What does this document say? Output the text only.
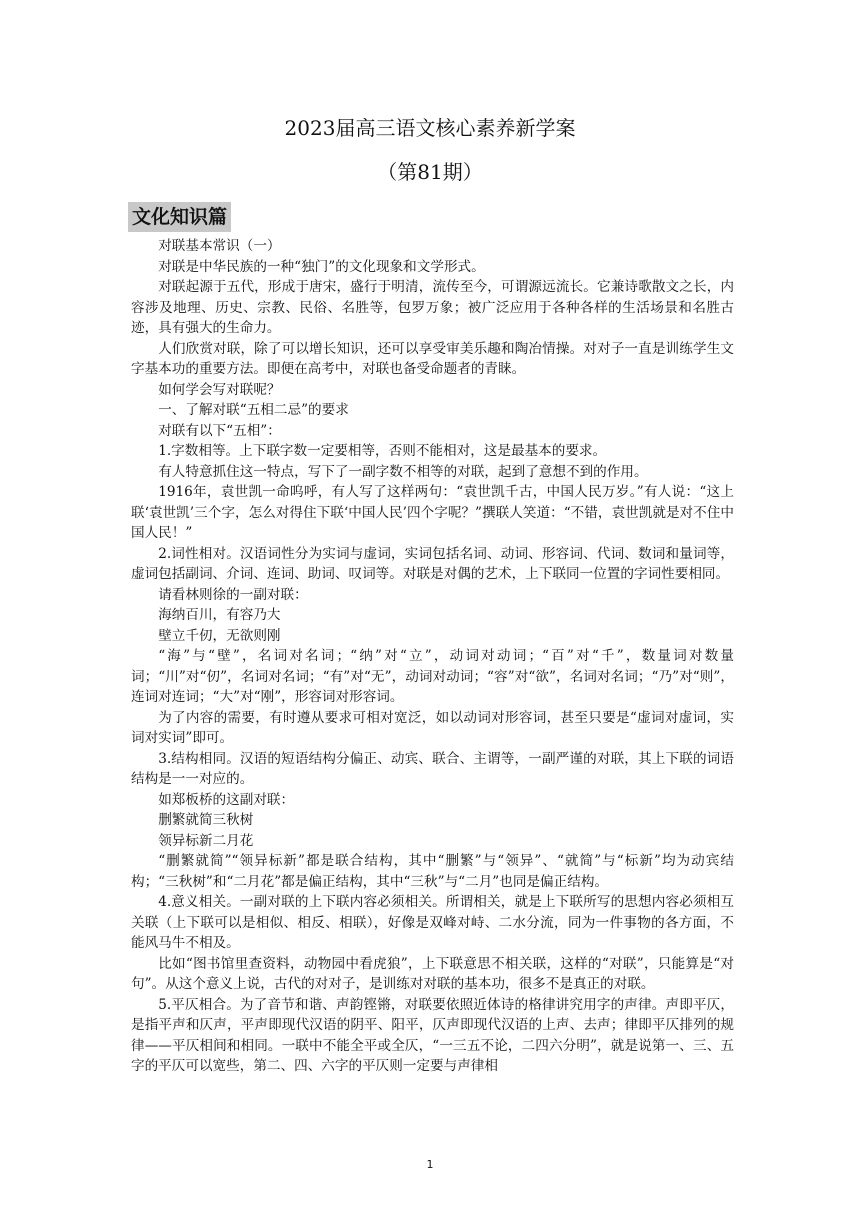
2023届高三语文核心素养新学案
（第81期）
文化知识篇

对联基本常识（一）

对联是中华民族的一种“独门”的文化现象和文学形式。

对联起源于五代，形成于唐宋，盛行于明清，流传至今，可谓源远流长。它兼诗歌散文之长，内容涉及地理、历史、宗教、民俗、名胜等，包罗万象；被广泛应用于各种各样的生活场景和名胜古迹，具有强大的生命力。

人们欣赏对联，除了可以增长知识，还可以享受审美乐趣和陶冶情操。对对子一直是训练学生文字基本功的重要方法。即便在高考中，对联也备受命题者的青睐。

如何学会写对联呢？

一、了解对联“五相二忌”的要求

对联有以下“五相”：

1.字数相等。上下联字数一定要相等，否则不能相对，这是最基本的要求。

有人特意抓住这一特点，写下了一副字数不相等的对联，起到了意想不到的作用。

1916年，袁世凯一命呜呼，有人写了这样两句：“袁世凯千古，中国人民万岁。”有人说：“这上联‘袁世凯’三个字，怎么对得住下联‘中国人民’四个字呢？”撰联人笑道：“不错，袁世凯就是对不住中国人民！”

2.词性相对。汉语词性分为实词与虚词，实词包括名词、动词、形容词、代词、数词和量词等，虚词包括副词、介词、连词、助词、叹词等。对联是对偶的艺术，上下联同一位置的字词性要相同。

请看林则徐的一副对联：

海纳百川，有容乃大

壁立千仞，无欲则刚

“海”与“壁”，名词对名词；“纳”对“立”，动词对动词；“百”对“千”，数量词对数量词；“川”对“仞”，名词对名词；“有”对“无”，动词对动词；“容”对“欲”，名词对名词；“乃”对“则”，连词对连词；“大”对“刚”，形容词对形容词。

为了内容的需要，有时遵从要求可相对宽泛，如以动词对形容词，甚至只要是“虚词对虚词，实词对实词”即可。

3.结构相同。汉语的短语结构分偏正、动宾、联合、主谓等，一副严谨的对联，其上下联的词语结构是一一对应的。

如郑板桥的这副对联：

删繁就简三秋树

领异标新二月花

“删繁就简”“领异标新”都是联合结构，其中“删繁”与“领异”、“就简”与“标新”均为动宾结构；“三秋树”和“二月花”都是偏正结构，其中“三秋”与“二月”也同是偏正结构。

4.意义相关。一副对联的上下联内容必须相关。所谓相关，就是上下联所写的思想内容必须相互关联（上下联可以是相似、相反、相联），好像是双峰对峙、二水分流，同为一件事物的各方面，不能风马牛不相及。

比如“图书馆里查资料，动物园中看虎狼”，上下联意思不相关联，这样的“对联”，只能算是“对句”。从这个意义上说，古代的对对子，是训练对对联的基本功，很多不是真正的对联。

5.平仄相合。为了音节和谐、声韵铿锵，对联要依照近体诗的格律讲究用字的声律。声即平仄，是指平声和仄声，平声即现代汉语的阴平、阳平，仄声即现代汉语的上声、去声；律即平仄排列的规律——平仄相间和相同。一联中不能全平或全仄，“一三五不论，二四六分明”，就是说第一、三、五字的平仄可以宽些，第二、四、六字的平仄则一定要与声律相

1
